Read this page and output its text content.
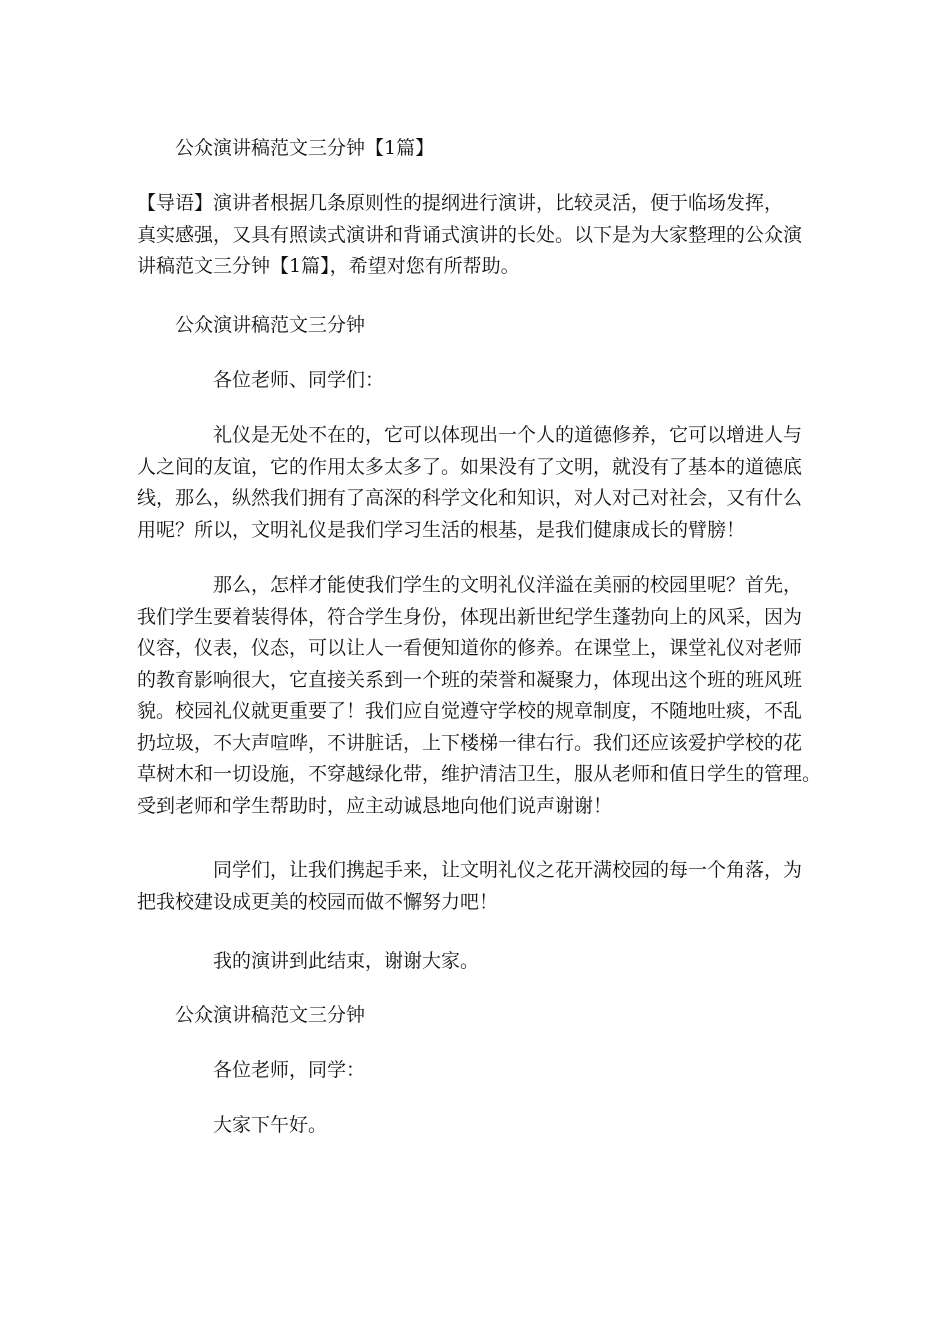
公众演讲稿范文三分钟【1篇】
【导语】演讲者根据几条原则性的提纲进行演讲，比较灵活，便于临场发挥，
真实感强，又具有照读式演讲和背诵式演讲的长处。以下是为大家整理的公众演
讲稿范文三分钟【1篇】，希望对您有所帮助。
公众演讲稿范文三分钟
各位老师、同学们：
礼仪是无处不在的，它可以体现出一个人的道德修养，它可以增进人与
人之间的友谊，它的作用太多太多了。如果没有了文明，就没有了基本的道德底
线，那么，纵然我们拥有了高深的科学文化和知识，对人对己对社会，又有什么
用呢？所以，文明礼仪是我们学习生活的根基，是我们健康成长的臂膀！
那么，怎样才能使我们学生的文明礼仪洋溢在美丽的校园里呢？首先，
我们学生要着装得体，符合学生身份，体现出新世纪学生蓬勃向上的风采，因为
仪容，仪表，仪态，可以让人一看便知道你的修养。在课堂上，课堂礼仪对老师
的教育影响很大，它直接关系到一个班的荣誉和凝聚力，体现出这个班的班风班
貌。校园礼仪就更重要了！我们应自觉遵守学校的规章制度，不随地吐痰，不乱
扔垃圾，不大声喧哗，不讲脏话，上下楼梯一律右行。我们还应该爱护学校的花
草树木和一切设施，不穿越绿化带，维护清洁卫生，服从老师和值日学生的管理。
受到老师和学生帮助时，应主动诚恳地向他们说声谢谢！
同学们，让我们携起手来，让文明礼仪之花开满校园的每一个角落，为
把我校建设成更美的校园而做不懈努力吧！
我的演讲到此结束，谢谢大家。
公众演讲稿范文三分钟
各位老师，同学：
大家下午好。
